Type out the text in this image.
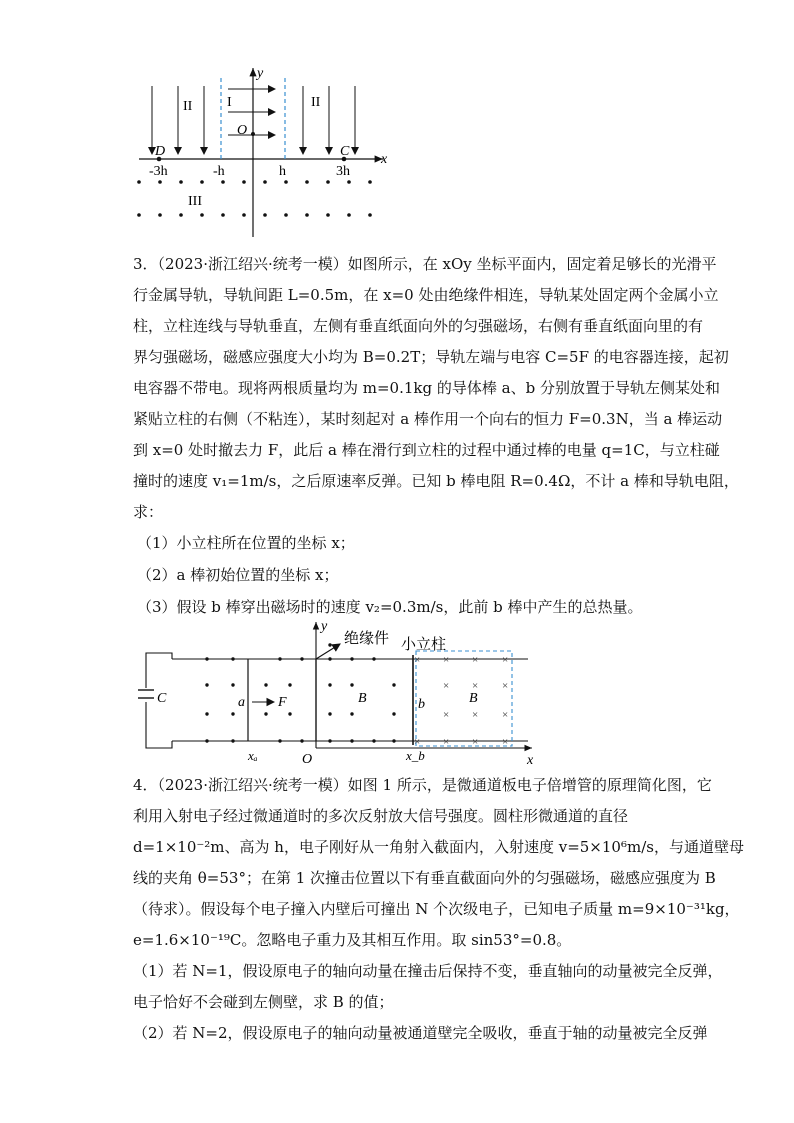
y
x
O
D	C
-3h	-h	h	3h
I
II	II
III
3．（2023·浙江绍兴·统考一模）如图所示，在 xOy 坐标平面内，固定着足够长的光滑平
行金属导轨，导轨间距 L=0.5m，在 x=0 处由绝缘件相连，导轨某处固定两个金属小立
柱，立柱连线与导轨垂直，左侧有垂直纸面向外的匀强磁场，右侧有垂直纸面向里的有
界匀强磁场，磁感应强度大小均为 B=0.2T；导轨左端与电容 C=5F 的电容器连接，起初
电容器不带电。现将两根质量均为 m=0.1kg 的导体棒 a、b 分别放置于导轨左侧某处和
紧贴立柱的右侧（不粘连），某时刻起对 a 棒作用一个向右的恒力 F=0.3N，当 a 棒运动
到 x=0 处时撤去力 F，此后 a 棒在滑行到立柱的过程中通过棒的电量 q=1C，与立柱碰
撞时的速度 v₁=1m/s，之后原速率反弹。已知 b 棒电阻 R=0.4Ω，不计 a 棒和导轨电阻，
求：
（1）小立柱所在位置的坐标 x；
（2）a 棒初始位置的坐标 x；
（3）假设 b 棒穿出磁场时的速度 v₂=0.3m/s，此前 b 棒中产生的总热量。
× × × ×
× × ×
× × ×
× × × ×
y
x
O
绝缘件 小立柱
C	a F	B	b	B
xₐ	x_b
4．（2023·浙江绍兴·统考一模）如图 1 所示，是微通道板电子倍增管的原理简化图，它
利用入射电子经过微通道时的多次反射放大信号强度。圆柱形微通道的直径
d=1×10⁻²m、高为 h，电子刚好从一角射入截面内，入射速度 v=5×10⁶m/s，与通道壁母
线的夹角 θ=53°；在第 1 次撞击位置以下有垂直截面向外的匀强磁场，磁感应强度为 B
（待求）。假设每个电子撞入内壁后可撞出 N 个次级电子，已知电子质量 m=9×10⁻³¹kg，
e=1.6×10⁻¹⁹C。忽略电子重力及其相互作用。取 sin53°=0.8。
（1）若 N=1，假设原电子的轴向动量在撞击后保持不变，垂直轴向的动量被完全反弹，
电子恰好不会碰到左侧壁，求 B 的值；
（2）若 N=2，假设原电子的轴向动量被通道壁完全吸收，垂直于轴的动量被完全反弹
